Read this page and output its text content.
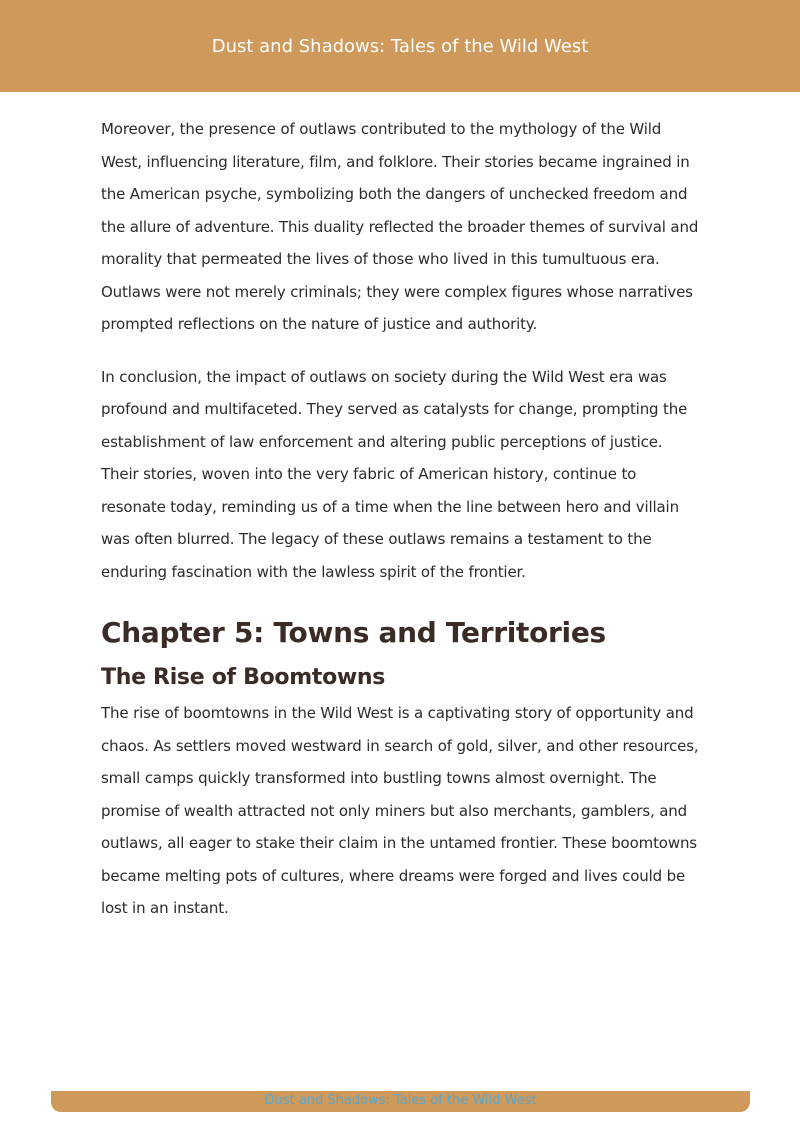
Dust and Shadows: Tales of the Wild West

Moreover, the presence of outlaws contributed to the mythology of the Wild West, influencing literature, film, and folklore. Their stories became ingrained in the American psyche, symbolizing both the dangers of unchecked freedom and the allure of adventure. This duality reflected the broader themes of survival and morality that permeated the lives of those who lived in this tumultuous era. Outlaws were not merely criminals; they were complex figures whose narratives prompted reflections on the nature of justice and authority.

In conclusion, the impact of outlaws on society during the Wild West era was profound and multifaceted. They served as catalysts for change, prompting the establishment of law enforcement and altering public perceptions of justice. Their stories, woven into the very fabric of American history, continue to resonate today, reminding us of a time when the line between hero and villain was often blurred. The legacy of these outlaws remains a testament to the enduring fascination with the lawless spirit of the frontier.

Chapter 5: Towns and Territories
The Rise of Boomtowns

The rise of boomtowns in the Wild West is a captivating story of opportunity and chaos. As settlers moved westward in search of gold, silver, and other resources, small camps quickly transformed into bustling towns almost overnight. The promise of wealth attracted not only miners but also merchants, gamblers, and outlaws, all eager to stake their claim in the untamed frontier. These boomtowns became melting pots of cultures, where dreams were forged and lives could be lost in an instant.

Dust and Shadows: Tales of the Wild West
